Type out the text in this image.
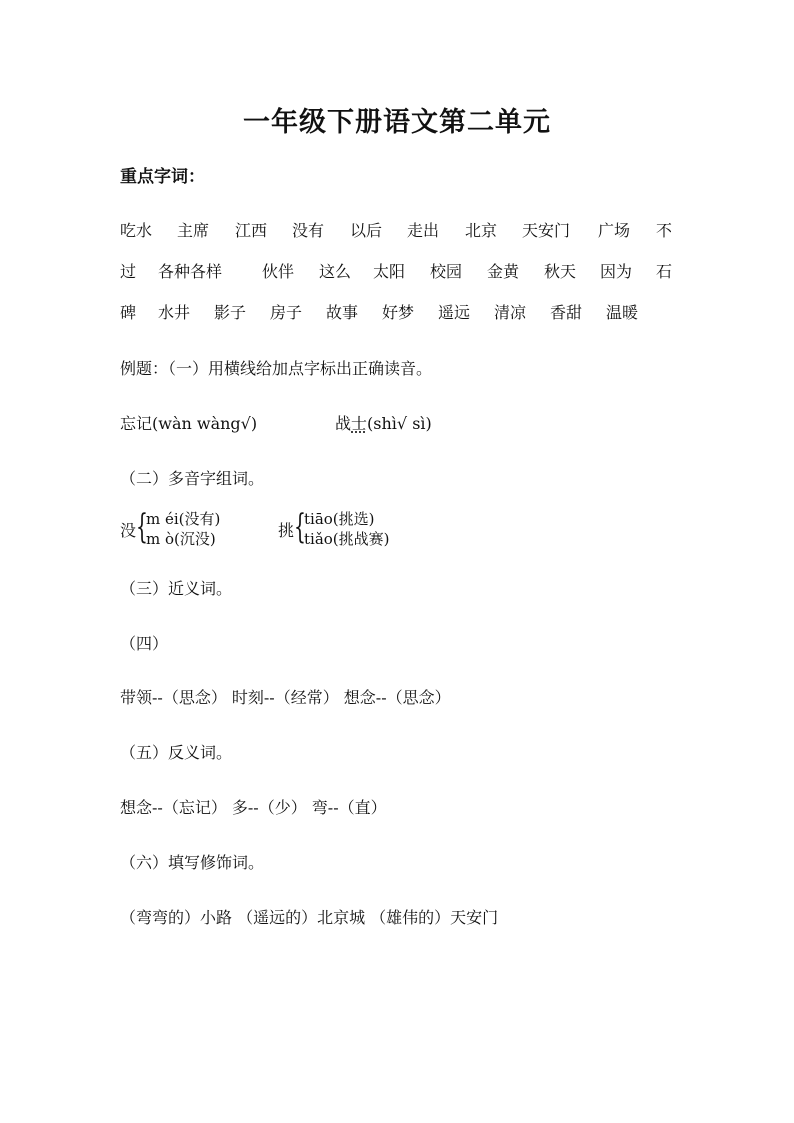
一年级下册语文第二单元
重点字词：
吃水 主席 江西 没有 以后 走出 北京 天安门 广场 不
过 各种各样 伙伴 这么 太阳 校园 金黄 秋天 因为 石
碑 水井 影子 房子 故事 好梦 遥远 清凉 香甜 温暖
例题：（一）用横线给加点字标出正确读音。
忘记(wàn wàng√)	战士(shì√ sì)
（二）多音字组词。
没 {
m éi(没有)
m ò(沉没)	挑 {
tiāo(挑选)
tiǎo(挑战赛)
（三）近义词。
（四）
带领--（思念） 时刻--（经常） 想念--（思念）
（五）反义词。
想念--（忘记） 多--（少） 弯--（直）
（六）填写修饰词。
（弯弯的）小路 （遥远的）北京城 （雄伟的）天安门
